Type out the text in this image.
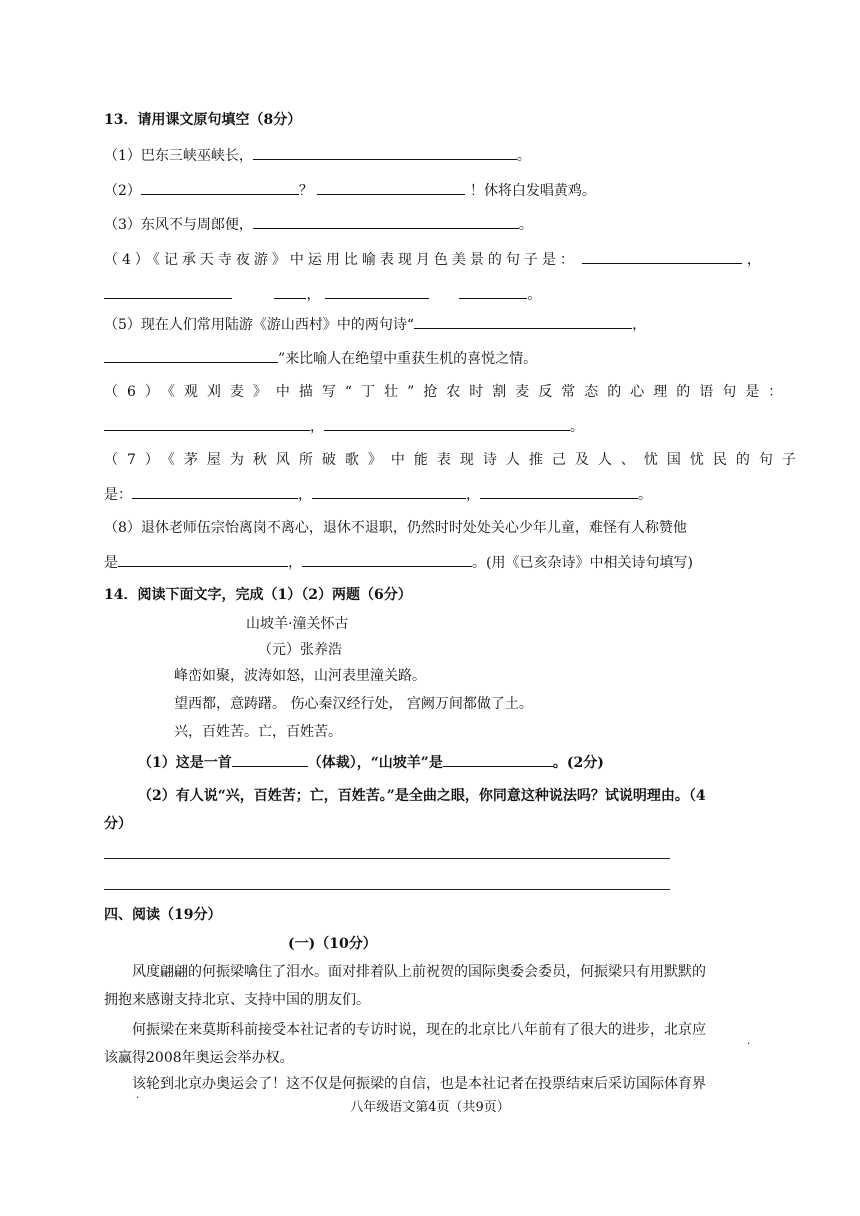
13．请用课文原句填空（8分）
（1）巴东三峡巫峡长，	。
（2）	？	！休将白发唱黄鸡。
（3）东风不与周郎便，	。
（4）《记承天寺夜游》中运用比喻表现月色美景的句子是：	，
，	。
（5）现在人们常用陆游《游山西村》中的两句诗“	，
”来比喻人在绝望中重获生机的喜悦之情。
（6）《观刈麦》中描写“丁壮”抢农时割麦反常态的心理的语句是：
，	。
（7）《茅屋为秋风所破歌》中能表现诗人推己及人、忧国忧民的句子
是：	，	，	。
（8）退休老师伍宗怡离岗不离心，退休不退职，仍然时时处处关心少年儿童，难怪有人称赞他
是	，	。(用《已亥杂诗》中相关诗句填写)
14．阅读下面文字，完成（1）（2）两题（6分）
山坡羊·潼关怀古
（元）张养浩
峰峦如聚，波涛如怒，山河表里潼关路。
望西都，意踌躇。 伤心秦汉经行处， 宫阙万间都做了土。
兴，百姓苦。亡，百姓苦。
（1）这是一首	（体裁），“山坡羊”是	。(2分)
（2）有人说“兴，百姓苦；亡，百姓苦。”是全曲之眼，你同意这种说法吗？试说明理由。（4
分）
四、阅读（19分）
(一)（10分）
风度翩翩的何振梁噙住了泪水。面对排着队上前祝贺的国际奥委会委员，何振梁只有用默默的
拥抱来感谢支持北京、支持中国的朋友们。
何振梁在来莫斯科前接受本社记者的专访时说，现在的北京比八年前有了很大的进步，北京应
该赢得2008年奥运会举办权。
该轮到北京办奥运会了！这不仅是何振梁的自信，也是本社记者在投票结束后采访国际体育界
·
·
八年级语文第4页（共9页）
